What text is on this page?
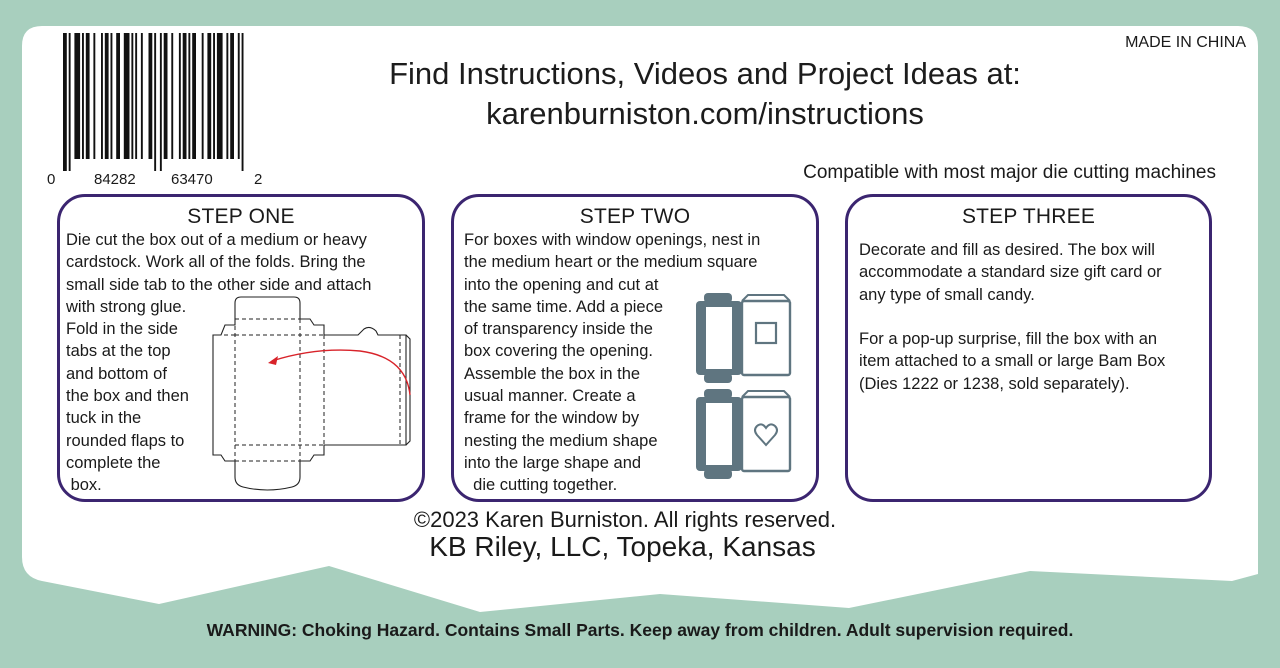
0	84282 63470	2
MADE IN CHINA
Find Instructions, Videos and Project Ideas at:
karenburniston.com/instructions
Compatible with most major die cutting machines
STEP ONE
Die cut the box out of a medium or heavy
cardstock. Work all of the folds. Bring the
small side tab to the other side and attach
with strong glue.
Fold in the side
tabs at the top
and bottom of
the box and then
tuck in the
rounded flaps to
complete the
box.
STEP TWO
For boxes with window openings, nest in
the medium heart or the medium square
into the opening and cut at
the same time. Add a piece
of transparency inside the
box covering the opening.
Assemble the box in the
usual manner. Create a
frame for the window by
nesting the medium shape
into the large shape and
die cutting together.
STEP THREE
Decorate and fill as desired. The box will
accommodate a standard size gift card or
any type of small candy.
For a pop-up surprise, fill the box with an
item attached to a small or large Bam Box
(Dies 1222 or 1238, sold separately).
©2023 Karen Burniston. All rights reserved.
KB Riley, LLC, Topeka, Kansas
WARNING: Choking Hazard. Contains Small Parts. Keep away from children. Adult supervision required.
